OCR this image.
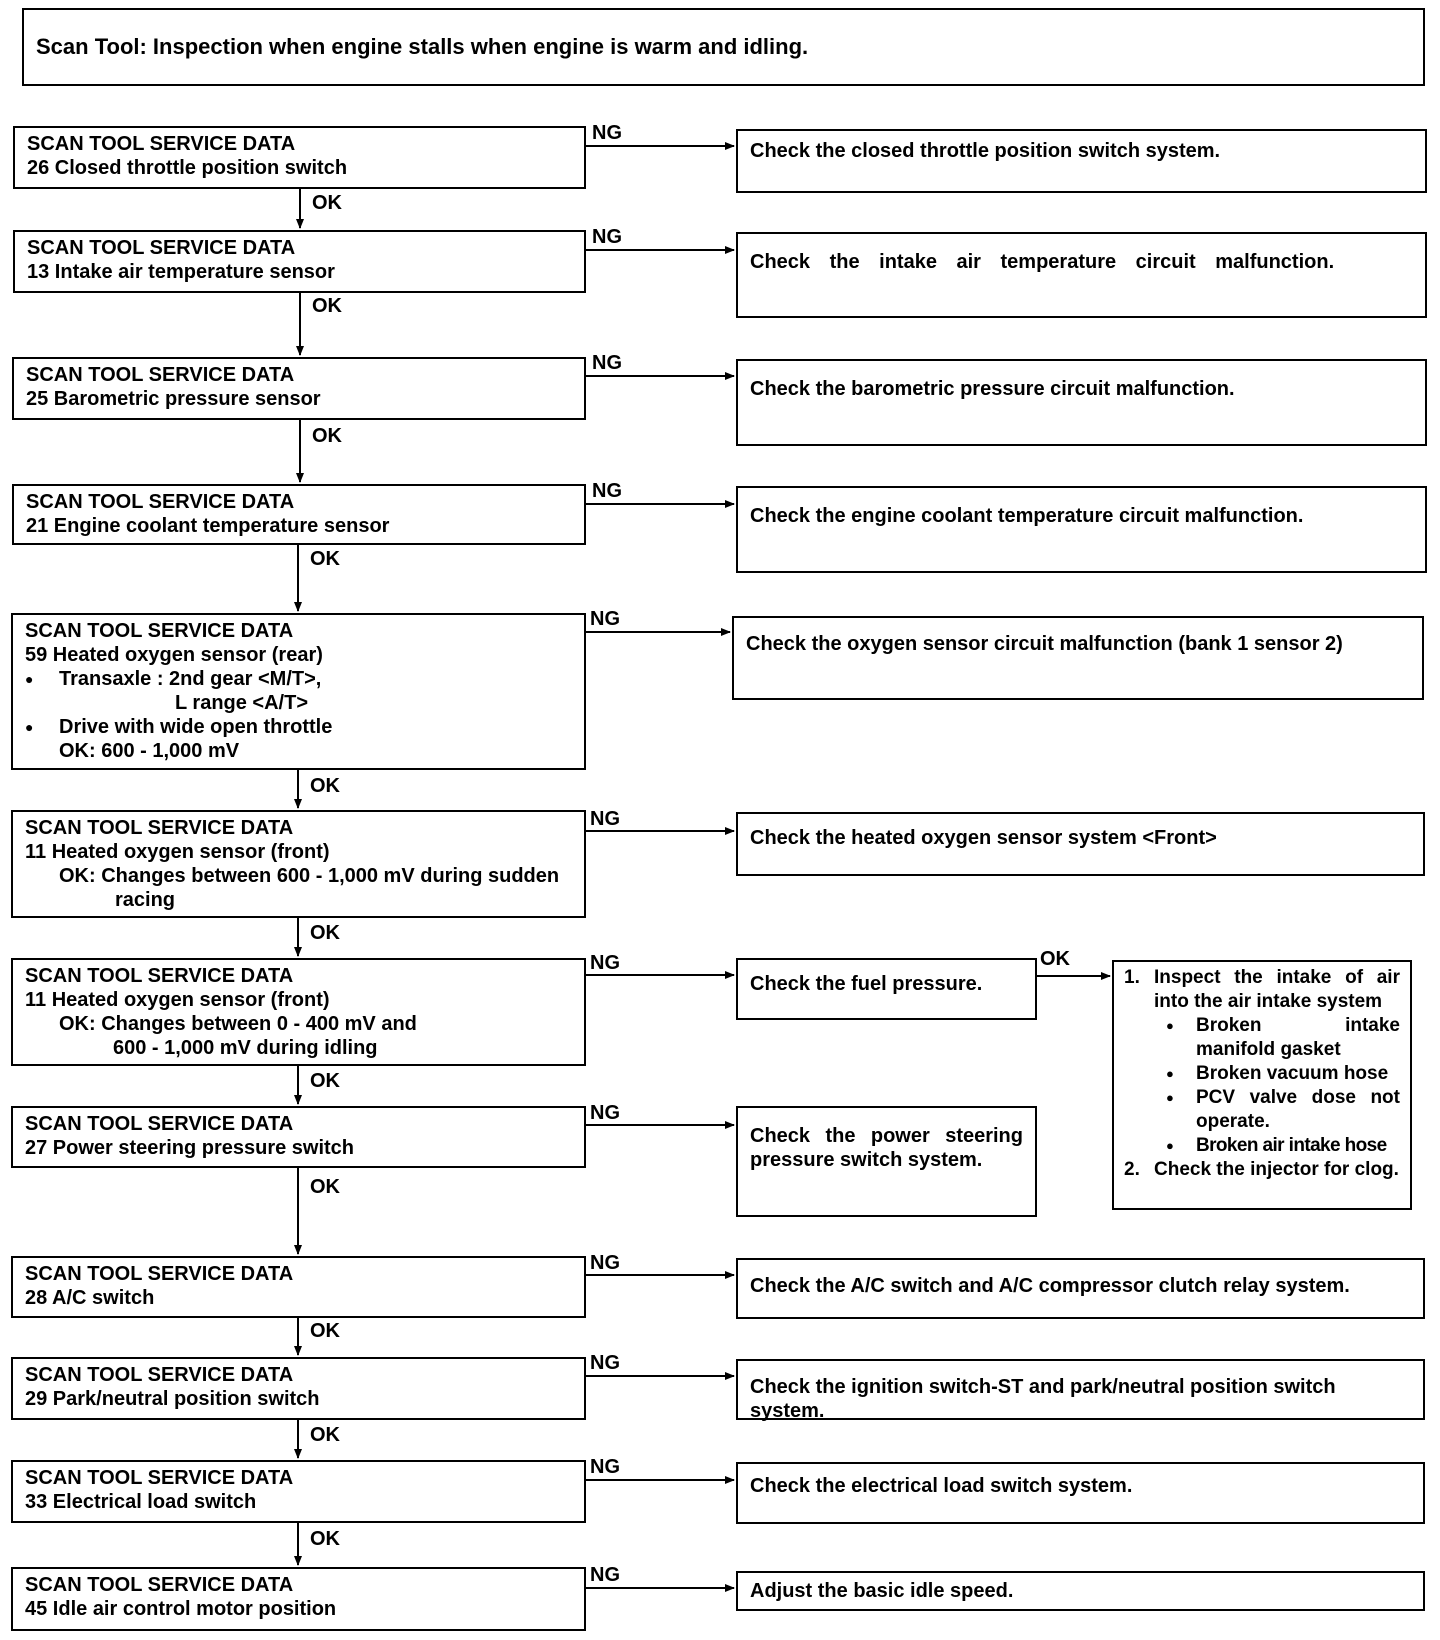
Scan Tool: Inspection when engine stalls when engine is warm and idling.
OK
OK
OK
OK
OK
OK
OK
OK
OK
OK
OK
OK
NG
NG
NG
NG
NG
NG
NG
NG
NG
NG
NG
NG
SCAN TOOL SERVICE DATA
26 Closed throttle position switch
SCAN TOOL SERVICE DATA
13 Intake air temperature sensor
SCAN TOOL SERVICE DATA
25 Barometric pressure sensor
SCAN TOOL SERVICE DATA
21 Engine coolant temperature sensor
SCAN TOOL SERVICE DATA
59 Heated oxygen sensor (rear)
● Transaxle : 2nd gear <M/T>,
L range <A/T>
● Drive with wide open throttle
OK: 600 - 1,000 mV
SCAN TOOL SERVICE DATA
11 Heated oxygen sensor (front)
OK: Changes between 600 - 1,000 mV during sudden
racing
SCAN TOOL SERVICE DATA
11 Heated oxygen sensor (front)
OK: Changes between 0 - 400 mV and
600 - 1,000 mV during idling
SCAN TOOL SERVICE DATA
27 Power steering pressure switch
SCAN TOOL SERVICE DATA
28 A/C switch
SCAN TOOL SERVICE DATA
29 Park/neutral position switch
SCAN TOOL SERVICE DATA
33 Electrical load switch
SCAN TOOL SERVICE DATA
45 Idle air control motor position
Check the closed throttle position switch system.
Check the intake air temperature circuit malfunction.
Check the barometric pressure circuit malfunction.
Check the engine coolant temperature circuit malfunction.
Check the oxygen sensor circuit malfunction (bank 1 sensor 2)
Check the heated oxygen sensor system <Front>
Check the fuel pressure.
Check the power steering pressure switch system.
Check the A/C switch and A/C compressor clutch relay system.
Check the ignition switch-ST and park/neutral position switch system.
Check the electrical load switch system.
Adjust the basic idle speed.
1. Inspect the intake of air into the air intake system
● Broken intake manifold gasket
● Broken vacuum hose
● PCV valve dose not operate.
● Broken air intake hose
2. Check the injector for clog.
